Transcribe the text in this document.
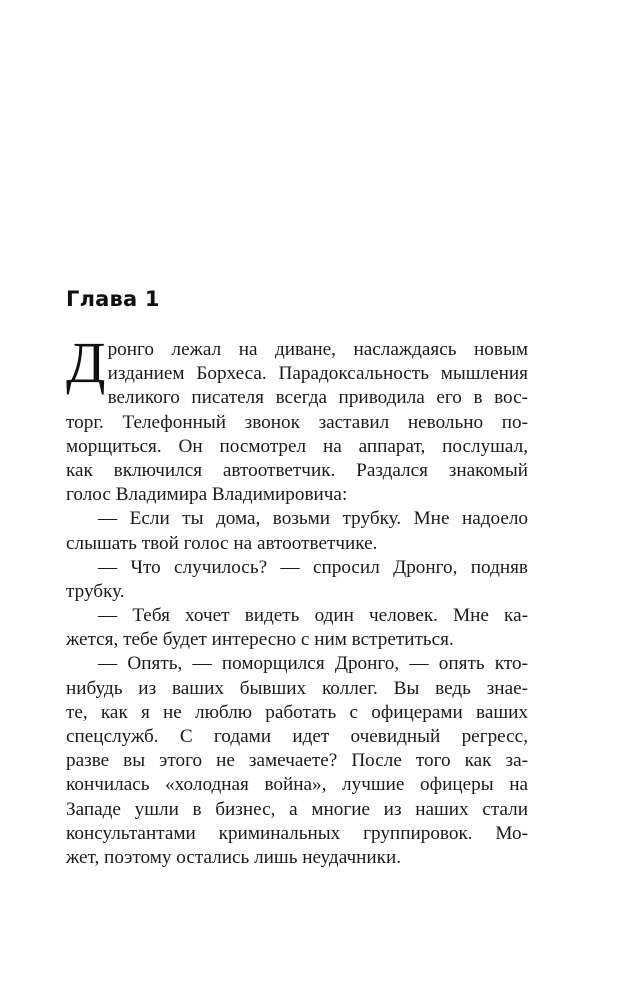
Глава 1
Д ронго лежал на диване, наслаждаясь новым
изданием Борхеса. Парадоксальность мышления
великого писателя всегда приводила его в вос-
торг. Телефонный звонок заставил невольно по-
морщиться. Он посмотрел на аппарат, послушал,
как включился автоответчик. Раздался знакомый
голос Владимира Владимировича:
— Если ты дома, возьми трубку. Мне надоело
слышать твой голос на автоответчике.
— Что случилось? — спросил Дронго, подняв
трубку.
— Тебя хочет видеть один человек. Мне ка-
жется, тебе будет интересно с ним встретиться.
— Опять, — поморщился Дронго, — опять кто-
нибудь из ваших бывших коллег. Вы ведь знае-
те, как я не люблю работать с офицерами ваших
спецслужб. С годами идет очевидный регресс,
разве вы этого не замечаете? После того как за-
кончилась «холодная война», лучшие офицеры на
Западе ушли в бизнес, а многие из наших стали
консультантами криминальных группировок. Мо-
жет, поэтому остались лишь неудачники.
